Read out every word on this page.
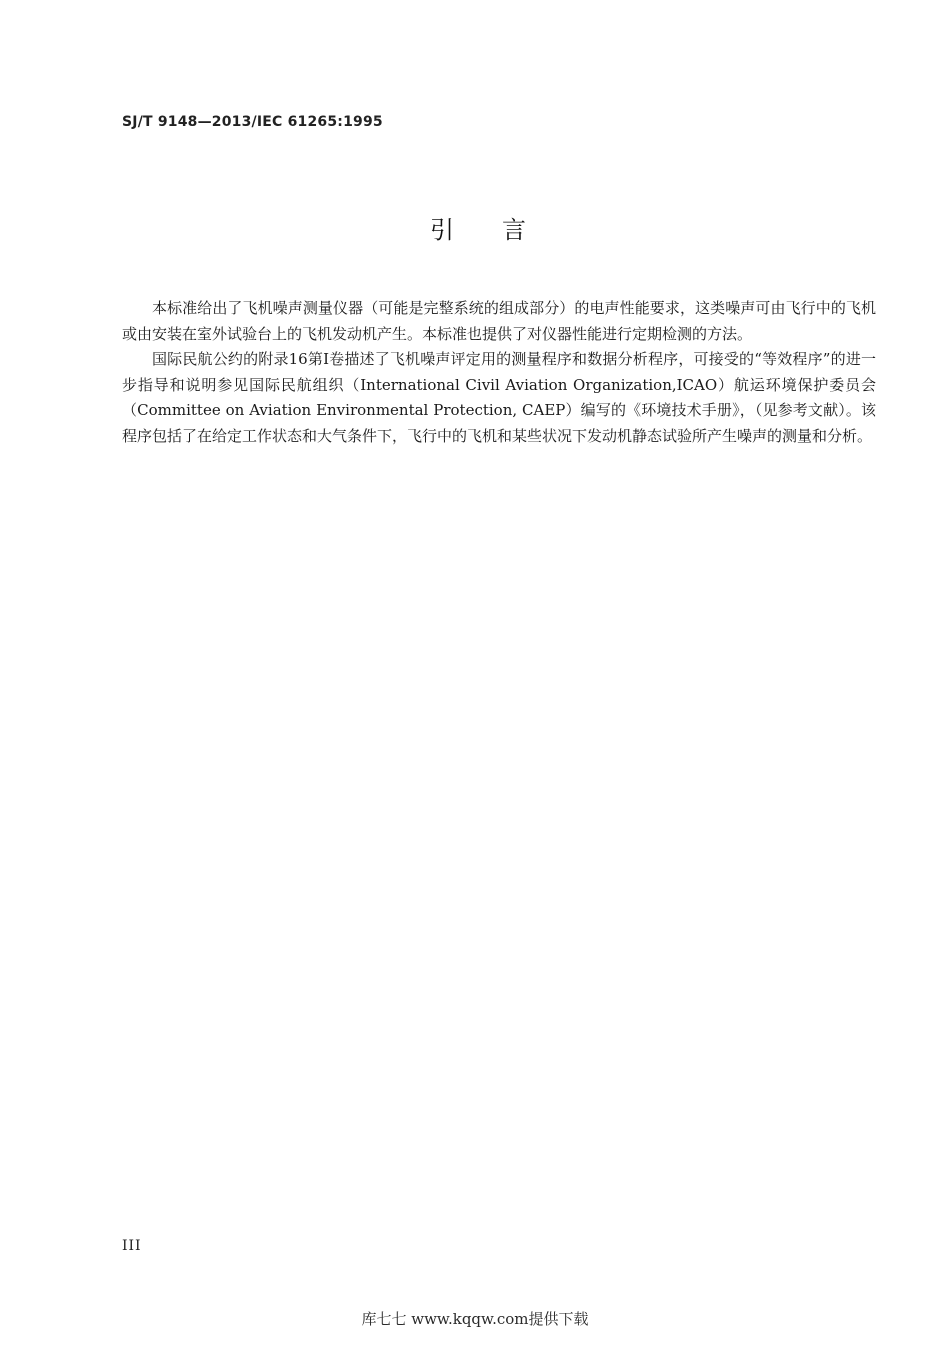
SJ/T 9148—2013/IEC 61265:1995
引　　言

本标准给出了飞机噪声测量仪器（可能是完整系统的组成部分）的电声性能要求，这类噪声可由飞行中的飞机或由安装在室外试验台上的飞机发动机产生。本标准也提供了对仪器性能进行定期检测的方法。

国际民航公约的附录16第Ⅰ卷描述了飞机噪声评定用的测量程序和数据分析程序，可接受的“等效程序”的进一步指导和说明参见国际民航组织（International Civil Aviation Organization,ICAO）航运环境保护委员会（Committee on Aviation Environmental Protection, CAEP）编写的《环境技术手册》，（见参考文献）。该程序包括了在给定工作状态和大气条件下，飞行中的飞机和某些状况下发动机静态试验所产生噪声的测量和分析。

III
库七七 www.kqqw.com提供下载
